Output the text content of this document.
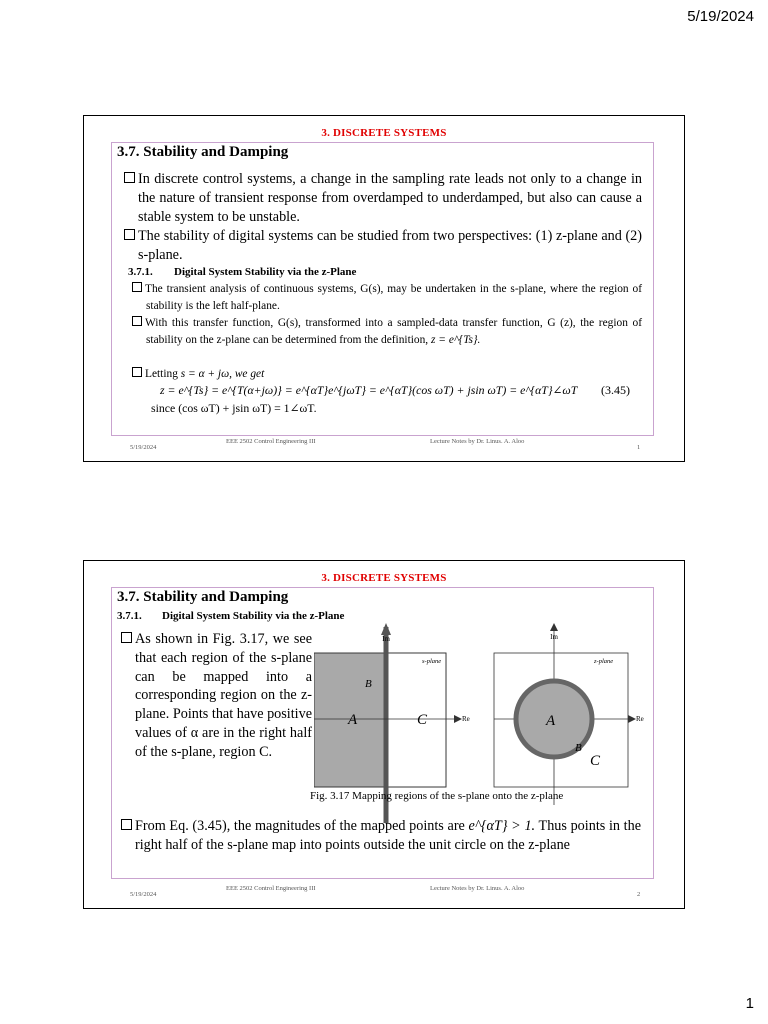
5/19/2024
3. DISCRETE SYSTEMS
3.7. Stability and Damping
In discrete control systems, a change in the sampling rate leads not only to a change in the nature of transient response from overdamped to underdamped, but also can cause a stable system to be unstable.
The stability of digital systems can be studied from two perspectives: (1) z-plane and (2) s-plane.
3.7.1. Digital System Stability via the z-Plane
The transient analysis of continuous systems, G(s), may be undertaken in the s-plane, where the region of stability is the left half-plane.
With this transfer function, G(s), transformed into a sampled-data transfer function, G (z), the region of stability on the z-plane can be determined from the definition, z = e^{Ts}.
Letting s = α + jω, we get
z = e^{Ts} = e^{T(α+jω)} = e^{αT}e^{jωT} = e^{αT}(cos ωT) + jsin ωT) = e^{αT}∠ωT	(3.45)
since (cos ωT) + jsin ωT) = 1∠ωT.
5/19/2024
EEE 2502 Control Engineering III	Lecture Notes by Dr. Linus. A. Aloo
1
3. DISCRETE SYSTEMS
3.7. Stability and Damping
3.7.1. Digital System Stability via the z-Plane
As shown in Fig. 3.17, we see that each region of the s-plane can be mapped into a corresponding region on the z-plane. Points that have positive values of α are in the right half of the s-plane, region C.
Im
Re
s-plane
A
B
C
Im
Re
z-plane
A
B
C
Fig. 3.17 Mapping regions of the s-plane onto the z-plane
From Eq. (3.45), the magnitudes of the mapped points are e^{αT} > 1. Thus points in the right half of the s-plane map into points outside the unit circle on the z-plane
5/19/2024
EEE 2502 Control Engineering III	Lecture Notes by Dr. Linus. A. Aloo
2
1
